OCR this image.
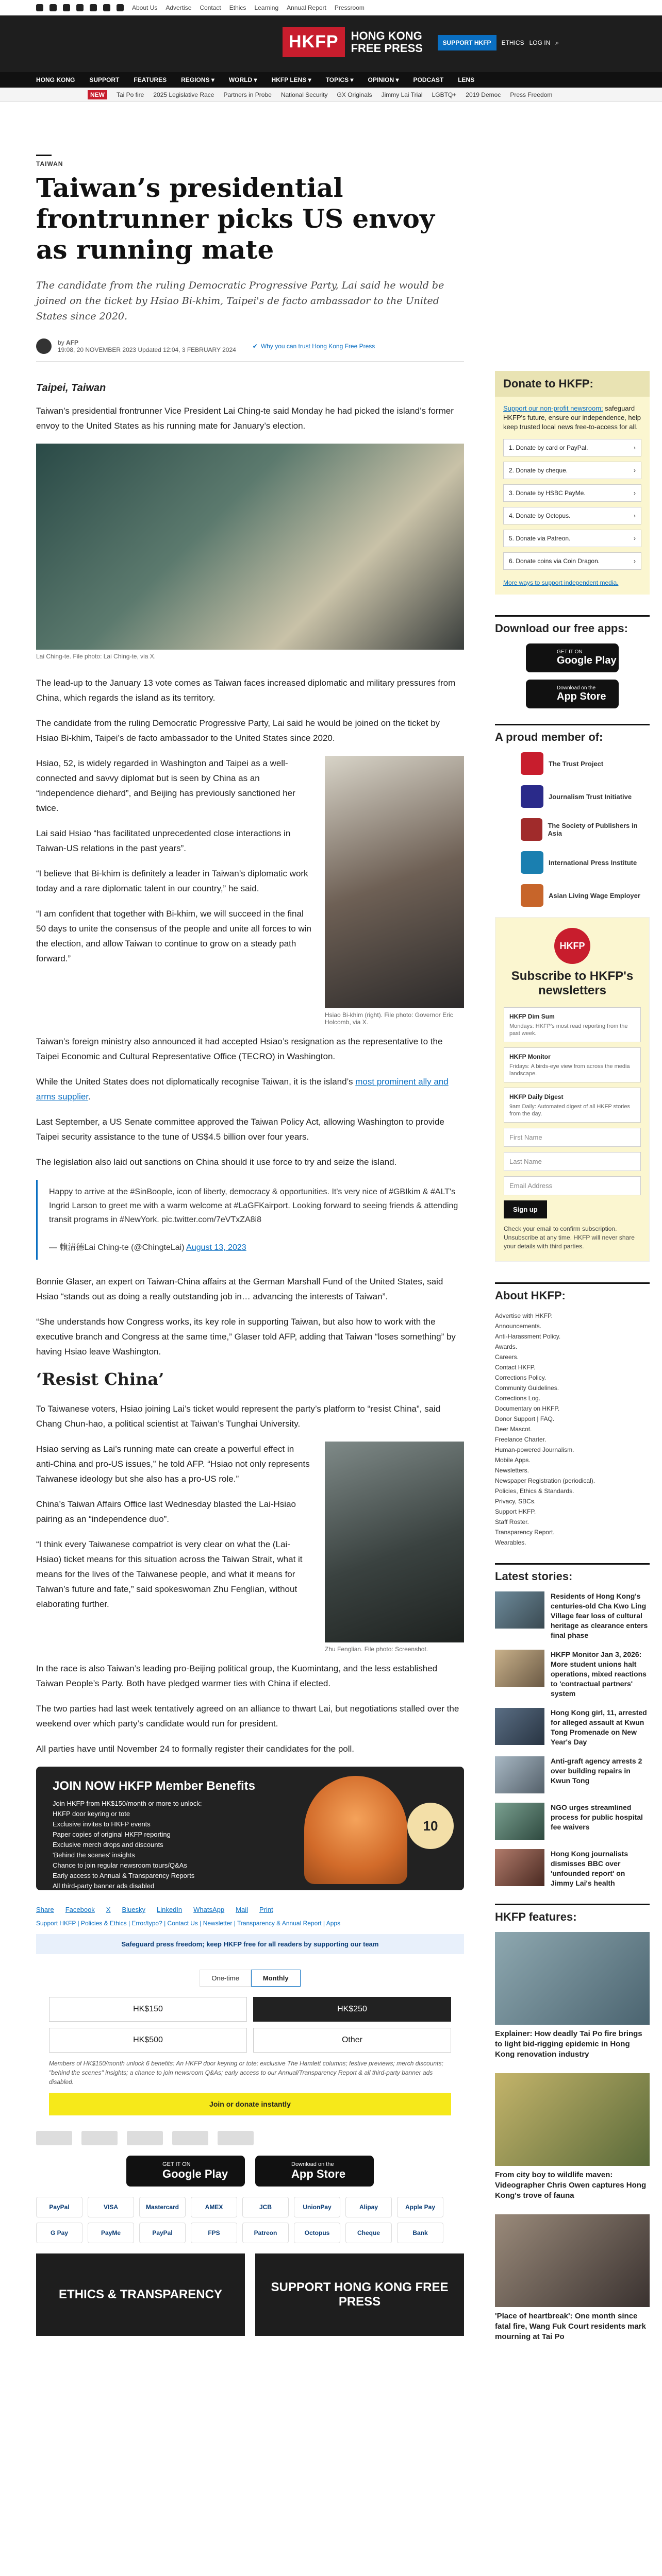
About Us Advertise Contact Ethics Learning Annual Report Pressroom
HKFP	HONG KONG
FREE PRESS	SUPPORT HKFP	ETHICS LOG IN ⌕
HONG KONG SUPPORT FEATURES REGIONS ▾ WORLD ▾ HKFP LENS ▾ TOPICS ▾ OPINION ▾ PODCAST LENS
NEW	Tai Po fire 2025 Legislative Race Partners in Probe National Security GX Originals Jimmy Lai Trial LGBTQ+ 2019 Democ Press Freedom
TAIWAN
Taiwan’s presidential frontrunner picks US envoy as running mate

The candidate from the ruling Democratic Progressive Party, Lai said he would be joined on the ticket by Hsiao Bi-khim, Taipei's de facto ambassador to the United States since 2020.

by AFP
19:08, 20 NOVEMBER 2023 Updated 12:04, 3 FEBRUARY 2024	✔ Why you can trust Hong Kong Free Press
Taipei, Taiwan

Taiwan’s presidential frontrunner Vice President Lai Ching-te said Monday he had picked the island’s former envoy to the United States as his running mate for January’s election.

Lai Ching-te. File photo: Lai Ching-te, via X.

The lead-up to the January 13 vote comes as Taiwan faces increased diplomatic and military pressures from China, which regards the island as its territory.

The candidate from the ruling Democratic Progressive Party, Lai said he would be joined on the ticket by Hsiao Bi-khim, Taipei’s de facto ambassador to the United States since 2020.

Hsiao Bi-khim (right). File photo: Governor Eric Holcomb, via X.

Hsiao, 52, is widely regarded in Washington and Taipei as a well-connected and savvy diplomat but is seen by China as an “independence diehard”, and Beijing has previously sanctioned her twice.

Lai said Hsiao “has facilitated unprecedented close interactions in Taiwan-US relations in the past years”.

“I believe that Bi-khim is definitely a leader in Taiwan’s diplomatic work today and a rare diplomatic talent in our country,” he said.

“I am confident that together with Bi-khim, we will succeed in the final 50 days to unite the consensus of the people and unite all forces to win the election, and allow Taiwan to continue to grow on a steady path forward.”

Taiwan’s foreign ministry also announced it had accepted Hsiao’s resignation as the representative to the Taipei Economic and Cultural Representative Office (TECRO) in Washington.

While the United States does not diplomatically recognise Taiwan, it is the island’s most prominent ally and arms supplier.

Last September, a US Senate committee approved the Taiwan Policy Act, allowing Washington to provide Taipei security assistance to the tune of US$4.5 billion over four years.

The legislation also laid out sanctions on China should it use force to try and seize the island.

Happy to arrive at the #SinBoople, icon of liberty, democracy & opportunities. It's very nice of #GBIkim & #ALT's Ingrid Larson to greet me with a warm welcome at #LaGFKairport. Looking forward to seeing friends & attending transit programs in #NewYork. pic.twitter.com/7eVTxZA8i8

— 賴清德Lai Ching-te (@ChingteLai) August 13, 2023

Bonnie Glaser, an expert on Taiwan-China affairs at the German Marshall Fund of the United States, said Hsiao “stands out as doing a really outstanding job in… advancing the interests of Taiwan”.

“She understands how Congress works, its key role in supporting Taiwan, but also how to work with the executive branch and Congress at the same time,” Glaser told AFP, adding that Taiwan “loses something” by having Hsiao leave Washington.

‘Resist China’

To Taiwanese voters, Hsiao joining Lai’s ticket would represent the party’s platform to “resist China”, said Chang Chun-hao, a political scientist at Taiwan’s Tunghai University.

Zhu Fenglian. File photo: Screenshot.

Hsiao serving as Lai’s running mate can create a powerful effect in anti-China and pro-US issues,” he told AFP. “Hsiao not only represents Taiwanese ideology but she also has a pro-US role.”

China’s Taiwan Affairs Office last Wednesday blasted the Lai-Hsiao pairing as an “independence duo”.

“I think every Taiwanese compatriot is very clear on what the (Lai-Hsiao) ticket means for this situation across the Taiwan Strait, what it means for the lives of the Taiwanese people, and what it means for Taiwan’s future and fate,” said spokeswoman Zhu Fenglian, without elaborating further.

In the race is also Taiwan’s leading pro-Beijing political group, the Kuomintang, and the less established Taiwan People’s Party. Both have pledged warmer ties with China if elected.

The two parties had last week tentatively agreed on an alliance to thwart Lai, but negotiations stalled over the weekend over which party’s candidate would run for president.

All parties have until November 24 to formally register their candidates for the poll.

JOIN NOW HKFP Member Benefits
Join HKFP from HK$150/month or more to unlock:
HKFP door keyring or tote
Exclusive invites to HKFP events
Paper copies of original HKFP reporting
Exclusive merch drops and discounts
'Behind the scenes' insights
Chance to join regular newsroom tours/Q&As
Early access to Annual & Transparency Reports
All third-party banner ads disabled
10
Share Facebook X Bluesky LinkedIn WhatsApp Mail Print
Support HKFP | Policies & Ethics | Error/typo? | Contact Us | Newsletter | Transparency & Annual Report | Apps
Safeguard press freedom; keep HKFP free for all readers by supporting our team
One-time	Monthly
HK$150	HK$250
HK$500	Other
Members of HK$150/month unlock 6 benefits: An HKFP door keyring or tote; exclusive The Hamlett columns; festive previews; merch discounts; "behind the scenes" insights; a chance to join newsroom Q&As; early access to our Annual/Transparency Report & all third-party banner ads disabled.
Join or donate instantly
GET IT ON
Google Play
Download on the
App Store
PayPal	VISA	Mastercard	AMEX	JCB	UnionPay	Alipay	Apple Pay
G Pay	PayMe	PayPal	FPS	Patreon	Octopus	Cheque	Bank
ETHICS & TRANSPARENCY
SUPPORT HONG KONG FREE PRESS
Donate to HKFP:
Support our non-profit newsroom: safeguard HKFP's future, ensure our independence, help keep trusted local news free-to-access for all.
1. Donate by card or PayPal.	›
2. Donate by cheque.	›
3. Donate by HSBC PayMe.	›
4. Donate by Octopus.	›
5. Donate via Patreon.	›
6. Donate coins via Coin Dragon.	›
More ways to support independent media.
Download our free apps:
GET IT ON
Google Play
Download on the
App Store
A proud member of:
The Trust Project
Journalism Trust Initiative
The Society of Publishers in Asia
International Press Institute
Asian Living Wage Employer
HKFP
Subscribe to HKFP's newsletters
HKFP Dim Sum
Mondays: HKFP's most read reporting from the past week.
HKFP Monitor
Fridays: A birds-eye view from across the media landscape.
HKFP Daily Digest
9am Daily: Automated digest of all HKFP stories from the day.
First Name
Last Name
Email Address
Sign up
Check your email to confirm subscription. Unsubscribe at any time. HKFP will never share your details with third parties.
About HKFP:
Advertise with HKFP.
Announcements.
Anti-Harassment Policy.
Awards.
Careers.
Contact HKFP.
Corrections Policy.
Community Guidelines.
Corrections Log.
Documentary on HKFP.
Donor Support | FAQ.
Deer Mascot.
Freelance Charter.
Human-powered Journalism.
Mobile Apps.
Newsletters.
Newspaper Registration (periodical).
Policies, Ethics & Standards.
Privacy, SBCs.
Support HKFP.
Staff Roster.
Transparency Report.
Wearables.
Latest stories:
Residents of Hong Kong's centuries-old Cha Kwo Ling Village fear loss of cultural heritage as clearance enters final phase
HKFP Monitor Jan 3, 2026: More student unions halt operations, mixed reactions to 'contractual partners' system
Hong Kong girl, 11, arrested for alleged assault at Kwun Tong Promenade on New Year's Day
Anti-graft agency arrests 2 over building repairs in Kwun Tong
NGO urges streamlined process for public hospital fee waivers
Hong Kong journalists dismisses BBC over 'unfounded report' on Jimmy Lai's health
HKFP features:
Explainer: How deadly Tai Po fire brings to light bid-rigging epidemic in Hong Kong renovation industry
From city boy to wildlife maven: Videographer Chris Owen captures Hong Kong's trove of fauna
'Place of heartbreak': One month since fatal fire, Wang Fuk Court residents mark mourning at Tai Po
